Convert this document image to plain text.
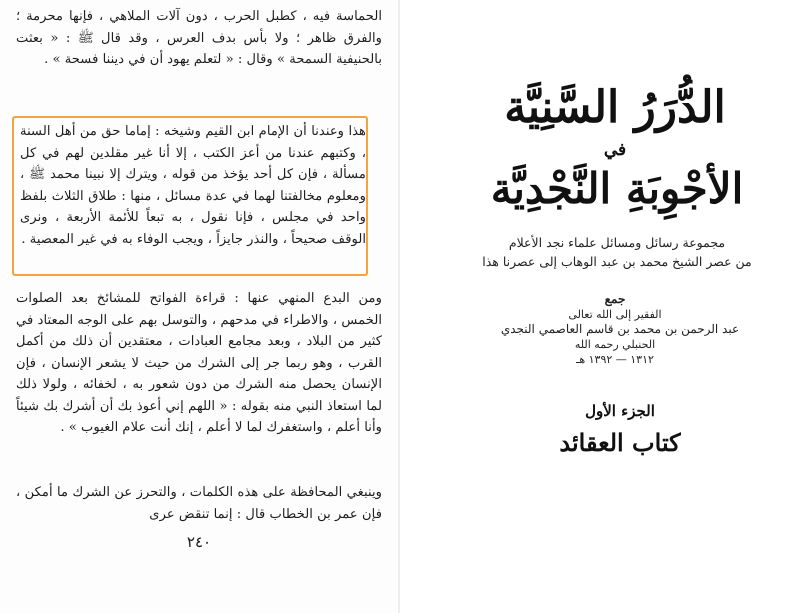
الحماسة فيه ، كطبل الحرب ، دون آلات الملاهي ، فإنها محرمة ؛ والفرق ظاهر ؛ ولا بأس بدف العرس ، وقد قال ﷺ : « بعثت بالحنيفية السمحة » وقال : « لتعلم يهود أن في ديننا فسحة » .

هذا وعندنا أن الإمام ابن القيم وشيخه : إماما حق من أهل السنة ، وكتبهم عندنا من أعز الكتب ، إلا أنا غير مقلدين لهم في كل مسألة ، فإن كل أحد يؤخذ من قوله ، ويترك إلا نبينا محمد ﷺ ، ومعلوم مخالفتنا لهما في عدة مسائل ، منها : طلاق الثلاث بلفظ واحد في مجلس ، فإنا نقول ، به تبعاً للأئمة الأربعة ، ونرى الوقف صحيحاً ، والنذر جايزاً ، ويجب الوفاء به في غير المعصية .

ومن البدع المنهي عنها : قراءة الفواتح للمشائخ بعد الصلوات الخمس ، والاطراء في مدحهم ، والتوسل بهم على الوجه المعتاد في كثير من البلاد ، وبعد مجامع العبادات ، معتقدين أن ذلك من أكمل القرب ، وهو ربما جر إلى الشرك من حيث لا يشعر الإنسان ، فإن الإنسان يحصل منه الشرك من دون شعور به ، لخفائه ، ولولا ذلك لما استعاذ النبي منه بقوله : « اللهم إني أعوذ بك أن أشرك بك شيئاً وأنا أعلم ، واستغفرك لما لا أعلم ، إنك أنت علام الغيوب » .

وينبغي المحافظة على هذه الكلمات ، والتحرز عن الشرك ما أمكن ، فإن عمر بن الخطاب قال : إنما تنقض عرى

٢٤٠
الدُّرَرُ السَّنِيَّة
في
الأجْوِبَةِ النَّجْدِيَّة
مجموعة رسائل ومسائل علماء نجد الأعلام
من عصر الشيخ محمد بن عبد الوهاب إلى عصرنا هذا
جمع
الفقير إلى الله تعالى
عبد الرحمن بن محمد بن قاسم العاصمي النجدي
الحنبلي رحمه الله
١٣١٢ — ١٣٩٢ هـ
الجزء الأول
كتاب العقائد
